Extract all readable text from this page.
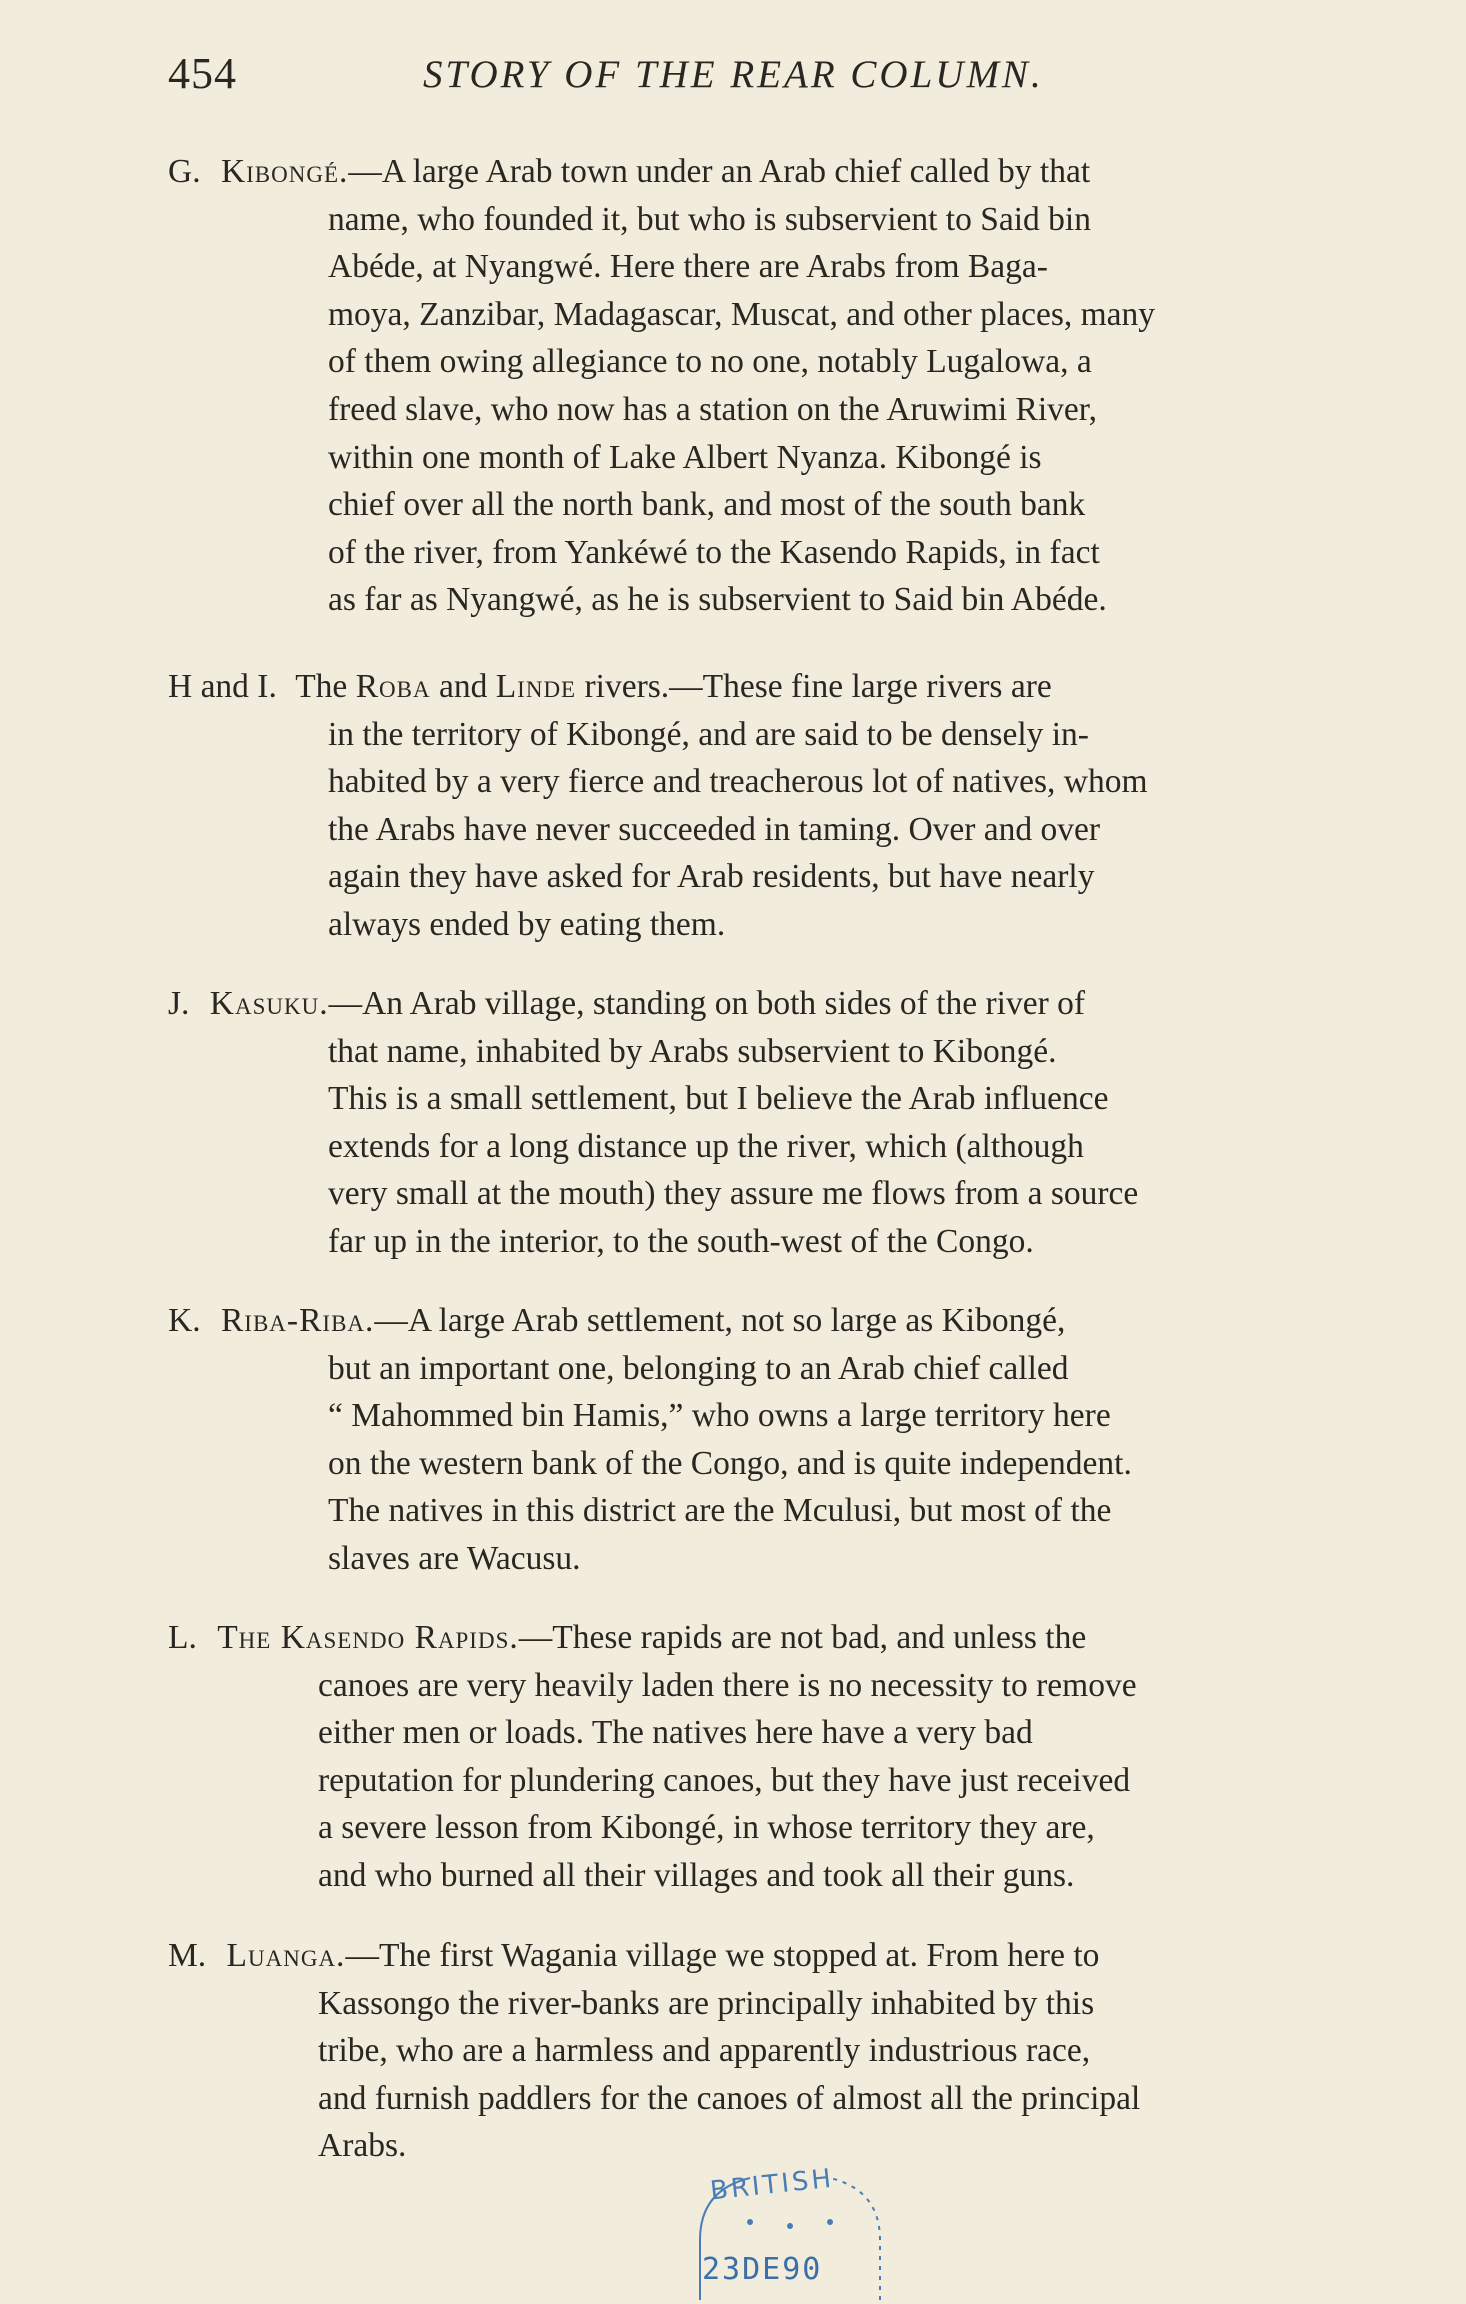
454	STORY OF THE REAR COLUMN.
G. Kibongé.—A large Arab town under an Arab chief called by that
name, who founded it, but who is subservient to Said bin
Abéde, at Nyangwé. Here there are Arabs from Baga-
moya, Zanzibar, Madagascar, Muscat, and other places, many
of them owing allegiance to no one, notably Lugalowa, a
freed slave, who now has a station on the Aruwimi River,
within one month of Lake Albert Nyanza. Kibongé is
chief over all the north bank, and most of the south bank
of the river, from Yankéwé to the Kasendo Rapids, in fact
as far as Nyangwé, as he is subservient to Said bin Abéde.
H and I. The Roba and Linde rivers.—These fine large rivers are
in the territory of Kibongé, and are said to be densely in-
habited by a very fierce and treacherous lot of natives, whom
the Arabs have never succeeded in taming. Over and over
again they have asked for Arab residents, but have nearly
always ended by eating them.
J. Kasuku.—An Arab village, standing on both sides of the river of
that name, inhabited by Arabs subservient to Kibongé.
This is a small settlement, but I believe the Arab influence
extends for a long distance up the river, which (although
very small at the mouth) they assure me flows from a source
far up in the interior, to the south-west of the Congo.
K. Riba-Riba.—A large Arab settlement, not so large as Kibongé,
but an important one, belonging to an Arab chief called
“ Mahommed bin Hamis,” who owns a large territory here
on the western bank of the Congo, and is quite independent.
The natives in this district are the Mculusi, but most of the
slaves are Wacusu.
L. The Kasendo Rapids.—These rapids are not bad, and unless the
canoes are very heavily laden there is no necessity to remove
either men or loads. The natives here have a very bad
reputation for plundering canoes, but they have just received
a severe lesson from Kibongé, in whose territory they are,
and who burned all their villages and took all their guns.
M. Luanga.—The first Wagania village we stopped at. From here to
Kassongo the river-banks are principally inhabited by this
tribe, who are a harmless and apparently industrious race,
and furnish paddlers for the canoes of almost all the principal
Arabs.
BRITISH
23DE90
